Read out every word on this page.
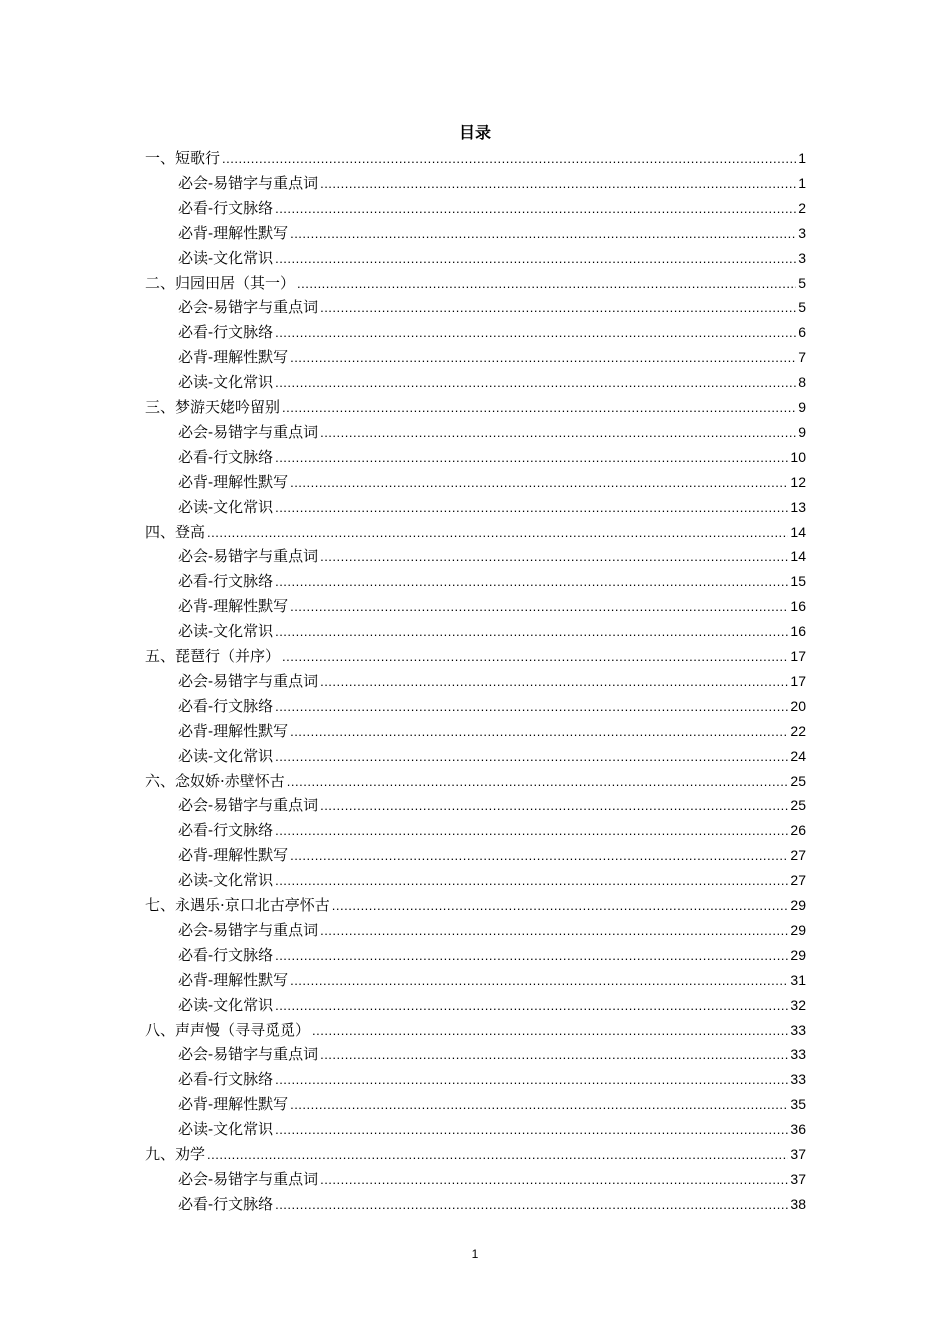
目录
一、短歌行 .....	1
必会-易错字与重点词 .....	1
必看-行文脉络 .....	2
必背-理解性默写 .....	3
必读-文化常识 .....	3
二、归园田居（其一） .....	5
必会-易错字与重点词 .....	5
必看-行文脉络 .....	6
必背-理解性默写 .....	7
必读-文化常识 .....	8
三、梦游天姥吟留别 .....	9
必会-易错字与重点词 .....	9
必看-行文脉络 .....	10
必背-理解性默写 .....	12
必读-文化常识 .....	13
四、登高 .....	14
必会-易错字与重点词 .....	14
必看-行文脉络 .....	15
必背-理解性默写 .....	16
必读-文化常识 .....	16
五、琵琶行（并序） .....	17
必会-易错字与重点词 .....	17
必看-行文脉络 .....	20
必背-理解性默写 .....	22
必读-文化常识 .....	24
六、念奴娇·赤壁怀古 .....	25
必会-易错字与重点词 .....	25
必看-行文脉络 .....	26
必背-理解性默写 .....	27
必读-文化常识 .....	27
七、永遇乐·京口北古亭怀古 .....	29
必会-易错字与重点词 .....	29
必看-行文脉络 .....	29
必背-理解性默写 .....	31
必读-文化常识 .....	32
八、声声慢（寻寻觅觅） .....	33
必会-易错字与重点词 .....	33
必看-行文脉络 .....	33
必背-理解性默写 .....	35
必读-文化常识 .....	36
九、劝学 .....	37
必会-易错字与重点词 .....	37
必看-行文脉络 .....	38
1
